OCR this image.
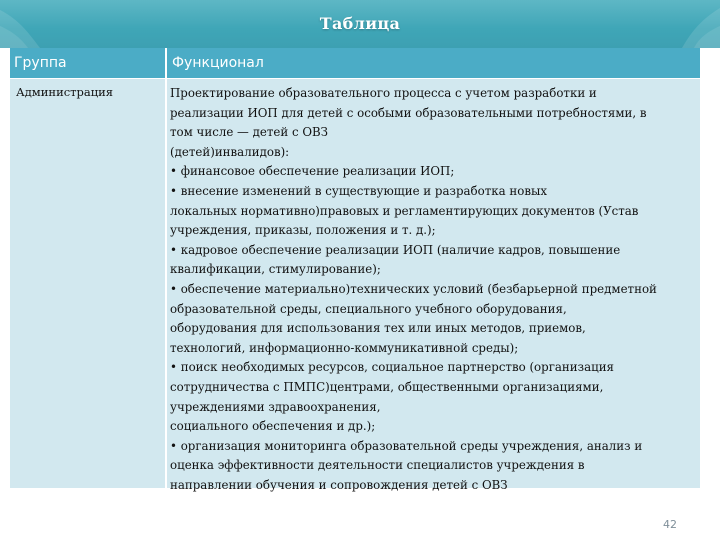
Таблица
Группа	Функционал
Администрация	Проектирование образовательного процесса с учетом разработки и
реализации ИОП для детей с особыми образовательными потребностями, в
том числе — детей с ОВЗ
(детей)инвалидов):
• финансовое обеспечение реализации ИОП;
• внесение изменений в существующие и разработка новых
локальных нормативно)правовых и регламентирующих документов (Устав
учреждения, приказы, положения и т. д.);
• кадровое обеспечение реализации ИОП (наличие кадров, повышение
квалификации, стимулирование);
• обеспечение материально)технических условий (безбарьерной предметной
образовательной среды, специального учебного оборудования,
оборудования для использования тех или иных методов, приемов,
технологий, информационно-коммуникативной среды);
• поиск необходимых ресурсов, социальное партнерство (организация
сотрудничества с ПМПС)центрами, общественными организациями,
учреждениями здравоохранения,
социального обеспечения и др.);
• организация мониторинга образовательной среды учреждения, анализ и
оценка эффективности деятельности специалистов учреждения в
направлении обучения и сопровождения детей с ОВЗ
42
